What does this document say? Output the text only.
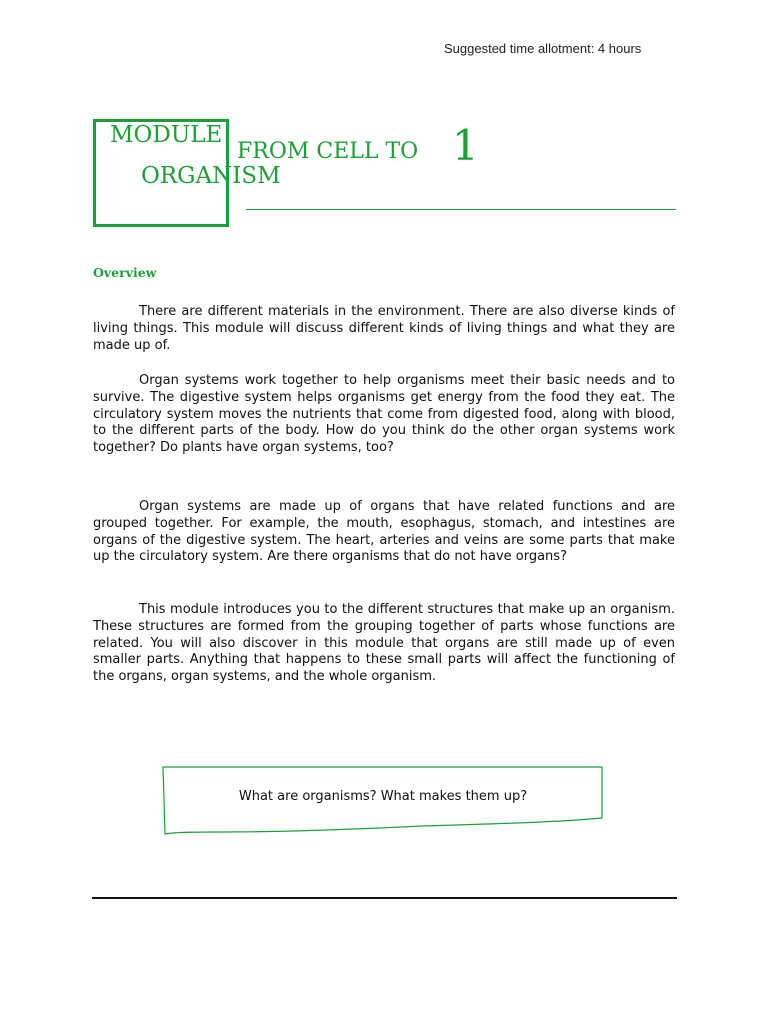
Suggested time allotment: 4 hours
MODULE
FROM CELL TO 1
ORGANISM
Overview

There are different materials in the environment. There are also diverse kinds of living things. This module will discuss different kinds of living things and what they are made up of.

Organ systems work together to help organisms meet their basic needs and to survive. The digestive system helps organisms get energy from the food they eat. The circulatory system moves the nutrients that come from digested food, along with blood, to the different parts of the body. How do you think do the other organ systems work together? Do plants have organ systems, too?

Organ systems are made up of organs that have related functions and are grouped together. For example, the mouth, esophagus, stomach, and intestines are organs of the digestive system. The heart, arteries and veins are some parts that make up the circulatory system. Are there organisms that do not have organs?

This module introduces you to the different structures that make up an organism. These structures are formed from the grouping together of parts whose functions are related. You will also discover in this module that organs are still made up of even smaller parts. Anything that happens to these small parts will affect the functioning of the organs, organ systems, and the whole organism.

What are organisms? What makes them up?
